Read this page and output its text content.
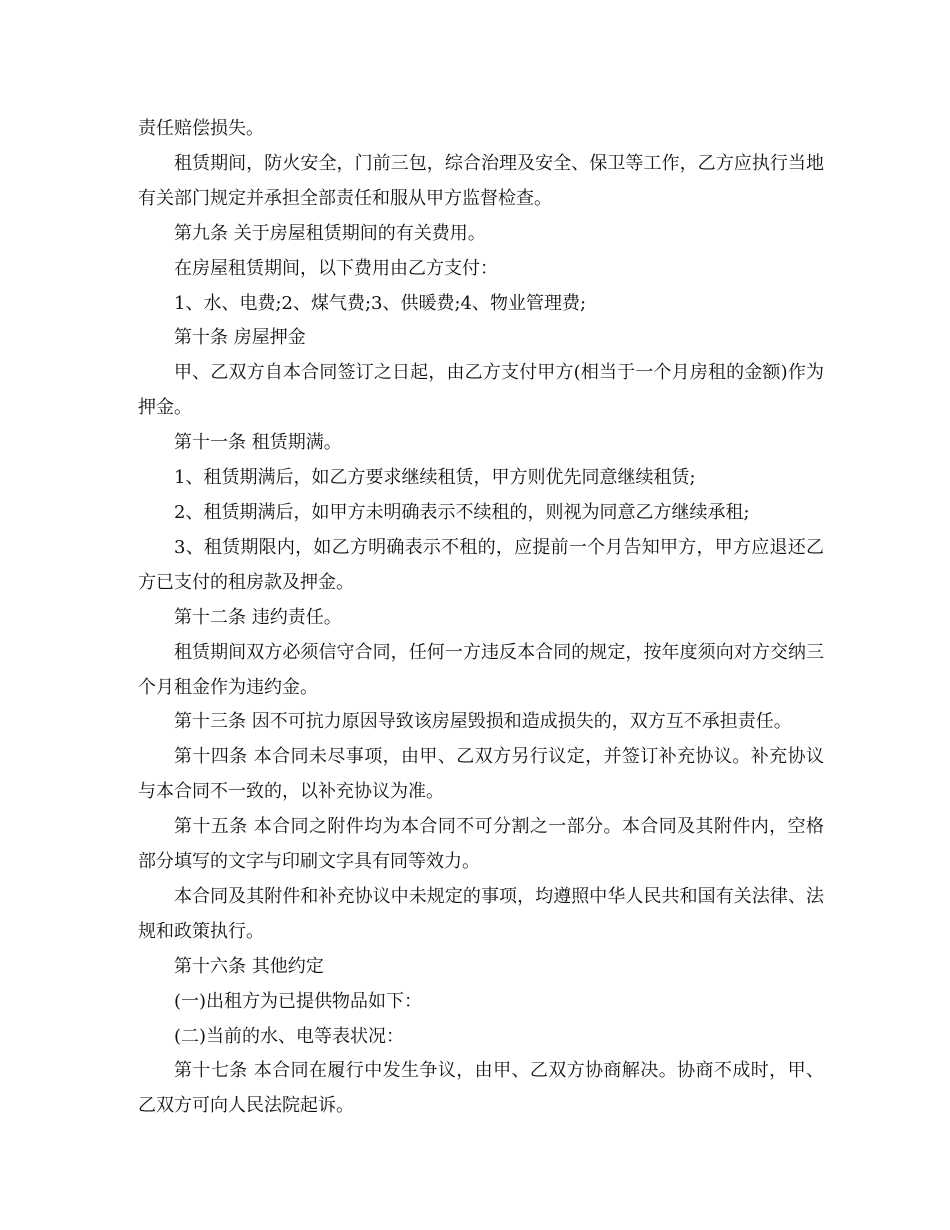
责任赔偿损失。

租赁期间，防火安全，门前三包，综合治理及安全、保卫等工作，乙方应执行当地有关部门规定并承担全部责任和服从甲方监督检查。

第九条 关于房屋租赁期间的有关费用。

在房屋租赁期间，以下费用由乙方支付：

1、水、电费;2、煤气费;3、供暖费;4、物业管理费;

第十条 房屋押金

甲、乙双方自本合同签订之日起，由乙方支付甲方(相当于一个月房租的金额)作为押金。

第十一条 租赁期满。

1、租赁期满后，如乙方要求继续租赁，甲方则优先同意继续租赁;

2、租赁期满后，如甲方未明确表示不续租的，则视为同意乙方继续承租;

3、租赁期限内，如乙方明确表示不租的，应提前一个月告知甲方，甲方应退还乙方已支付的租房款及押金。

第十二条 违约责任。

租赁期间双方必须信守合同，任何一方违反本合同的规定，按年度须向对方交纳三个月租金作为违约金。

第十三条 因不可抗力原因导致该房屋毁损和造成损失的，双方互不承担责任。

第十四条 本合同未尽事项，由甲、乙双方另行议定，并签订补充协议。补充协议与本合同不一致的，以补充协议为准。

第十五条 本合同之附件均为本合同不可分割之一部分。本合同及其附件内，空格部分填写的文字与印刷文字具有同等效力。

本合同及其附件和补充协议中未规定的事项，均遵照中华人民共和国有关法律、法规和政策执行。

第十六条 其他约定

(一)出租方为已提供物品如下：

(二)当前的水、电等表状况：

第十七条 本合同在履行中发生争议，由甲、乙双方协商解决。协商不成时，甲、乙双方可向人民法院起诉。
